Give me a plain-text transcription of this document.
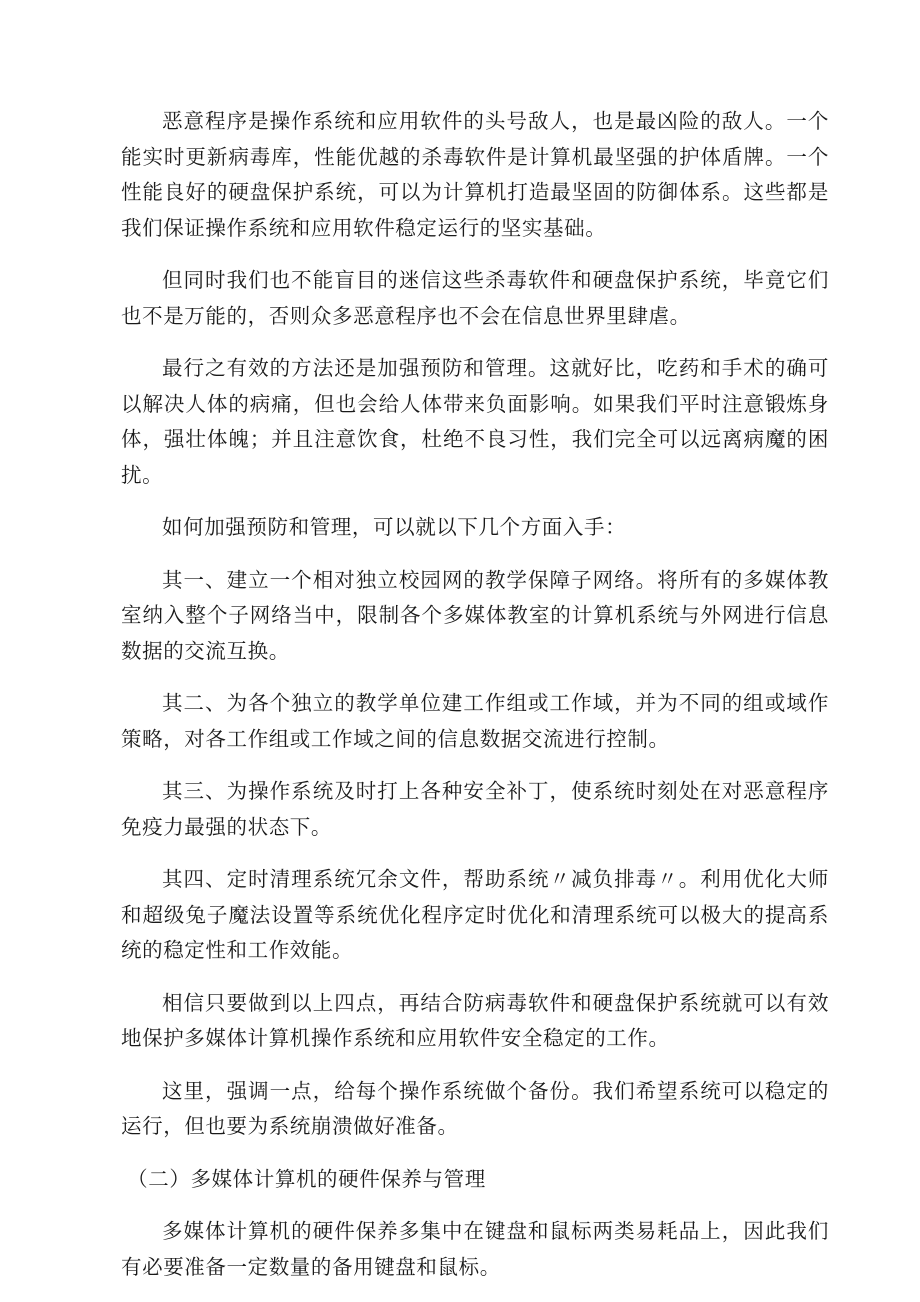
恶意程序是操作系统和应用软件的头号敌人，也是最凶险的敌人。一个能实时更新病毒库，性能优越的杀毒软件是计算机最坚强的护体盾牌。一个性能良好的硬盘保护系统，可以为计算机打造最坚固的防御体系。这些都是我们保证操作系统和应用软件稳定运行的坚实基础。

但同时我们也不能盲目的迷信这些杀毒软件和硬盘保护系统，毕竟它们也不是万能的，否则众多恶意程序也不会在信息世界里肆虐。

最行之有效的方法还是加强预防和管理。这就好比，吃药和手术的确可以解决人体的病痛，但也会给人体带来负面影响。如果我们平时注意锻炼身体，强壮体魄；并且注意饮食，杜绝不良习性，我们完全可以远离病魔的困扰。

如何加强预防和管理，可以就以下几个方面入手：

其一、建立一个相对独立校园网的教学保障子网络。将所有的多媒体教室纳入整个子网络当中，限制各个多媒体教室的计算机系统与外网进行信息数据的交流互换。

其二、为各个独立的教学单位建工作组或工作域，并为不同的组或域作策略，对各工作组或工作域之间的信息数据交流进行控制。

其三、为操作系统及时打上各种安全补丁，使系统时刻处在对恶意程序免疫力最强的状态下。

其四、定时清理系统冗余文件，帮助系统〃减负排毒〃。利用优化大师和超级兔子魔法设置等系统优化程序定时优化和清理系统可以极大的提高系统的稳定性和工作效能。

相信只要做到以上四点，再结合防病毒软件和硬盘保护系统就可以有效地保护多媒体计算机操作系统和应用软件安全稳定的工作。

这里，强调一点，给每个操作系统做个备份。我们希望系统可以稳定的运行，但也要为系统崩溃做好准备。

（二）多媒体计算机的硬件保养与管理

多媒体计算机的硬件保养多集中在键盘和鼠标两类易耗品上，因此我们有必要准备一定数量的备用键盘和鼠标。
